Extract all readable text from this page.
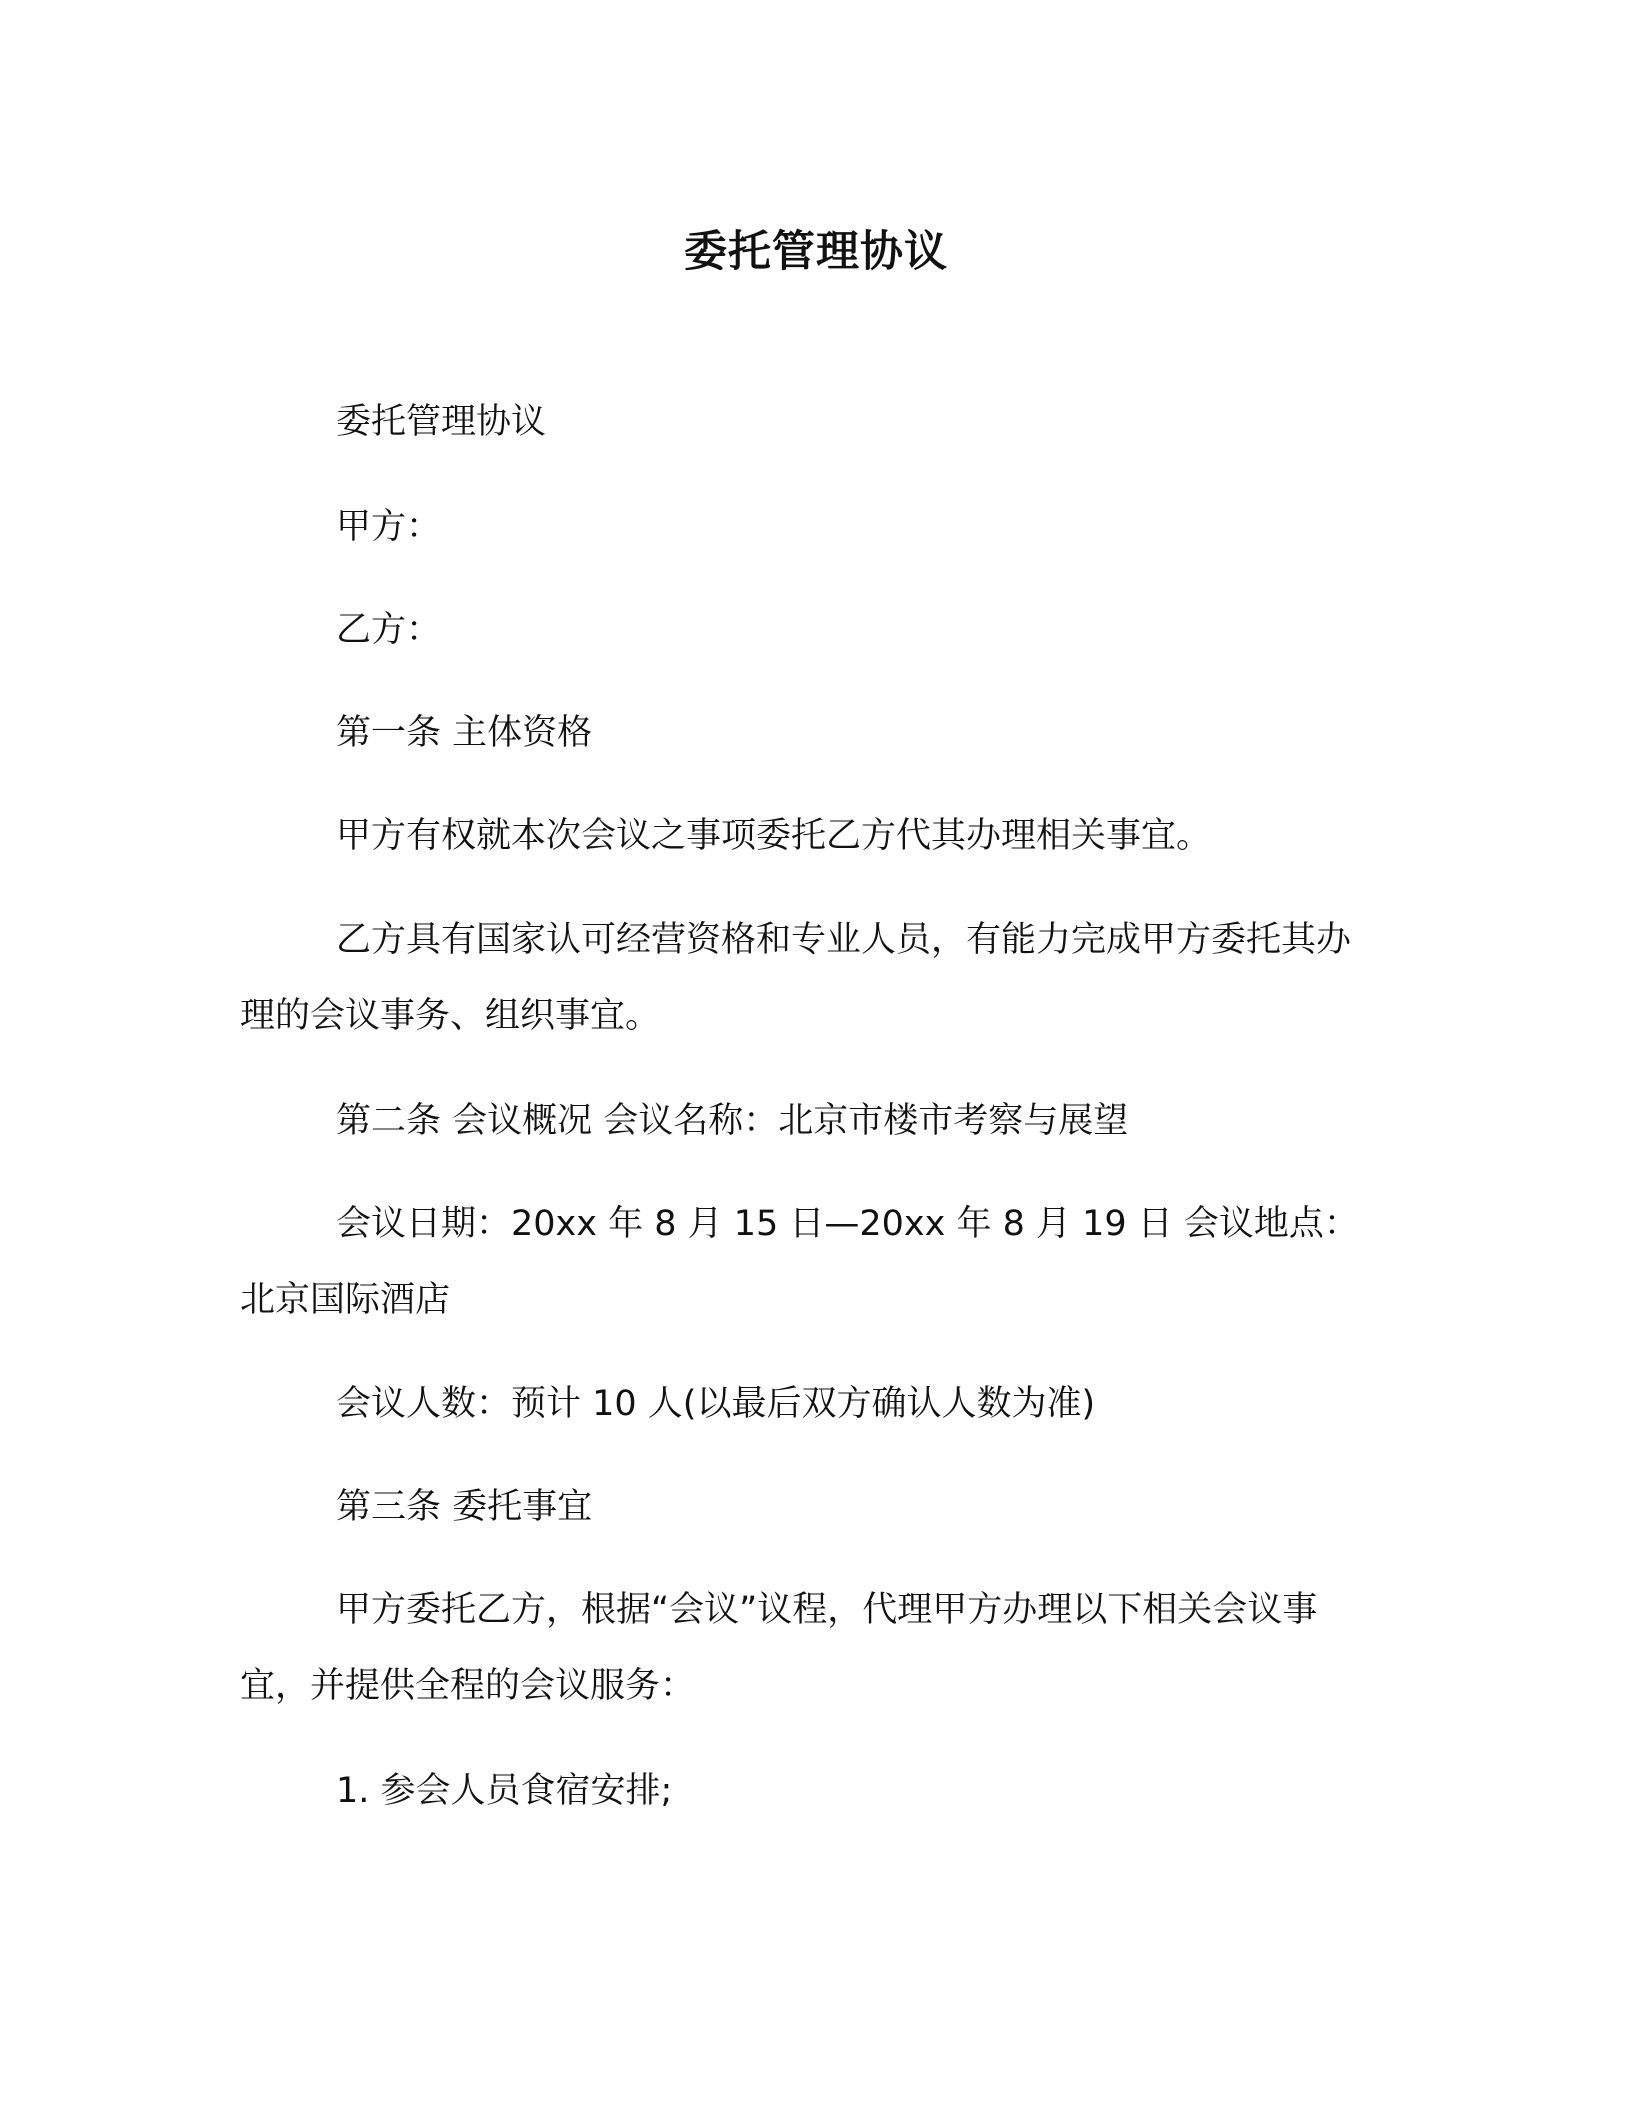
委托管理协议

委托管理协议

甲方：

乙方：

第一条 主体资格

甲方有权就本次会议之事项委托乙方代其办理相关事宜。

乙方具有国家认可经营资格和专业人员，有能力完成甲方委托其办理的会议事务、组织事宜。

第二条 会议概况 会议名称：北京市楼市考察与展望

会议日期：20xx 年 8 月 15 日—20xx 年 8 月 19 日 会议地点：北京国际酒店

会议人数：预计 10 人(以最后双方确认人数为准)

第三条 委托事宜

甲方委托乙方，根据“会议”议程，代理甲方办理以下相关会议事宜，并提供全程的会议服务：

1. 参会人员食宿安排;
